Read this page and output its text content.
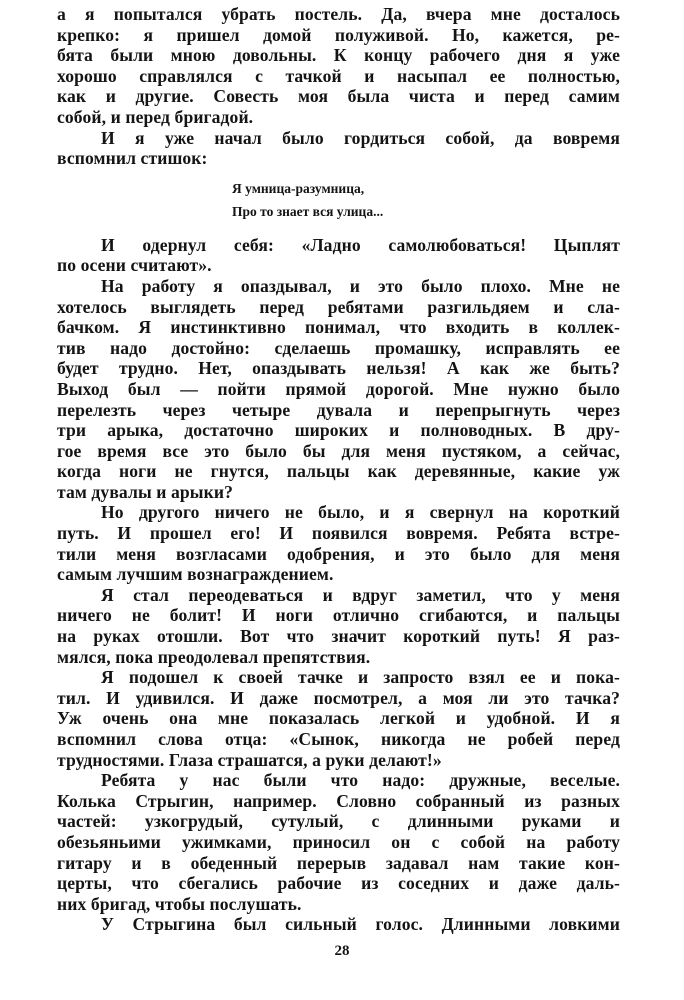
а я попытался убрать постель. Да, вчера мне досталось
крепко: я пришел домой полуживой. Но, кажется, ре-
бята были мною довольны. К концу рабочего дня я уже
хорошо справлялся с тачкой и насыпал ее полностью,
как и другие. Совесть моя была чиста и перед самим
собой, и перед бригадой.
И я уже начал было гордиться собой, да вовремя
вспомнил стишок:
Я умница-разумница,
Про то знает вся улица...
И одернул себя: «Ладно самолюбоваться! Цыплят
по осени считают».
На работу я опаздывал, и это было плохо. Мне не
хотелось выглядеть перед ребятами разгильдяем и сла-
бачком. Я инстинктивно понимал, что входить в коллек-
тив надо достойно: сделаешь промашку, исправлять ее
будет трудно. Нет, опаздывать нельзя! А как же быть?
Выход был — пойти прямой дорогой. Мне нужно было
перелезть через четыре дувала и перепрыгнуть через
три арыка, достаточно широких и полноводных. В дру-
гое время все это было бы для меня пустяком, а сейчас,
когда ноги не гнутся, пальцы как деревянные, какие уж
там дувалы и арыки?
Но другого ничего не было, и я свернул на короткий
путь. И прошел его! И появился вовремя. Ребята встре-
тили меня возгласами одобрения, и это было для меня
самым лучшим вознаграждением.
Я стал переодеваться и вдруг заметил, что у меня
ничего не болит! И ноги отлично сгибаются, и пальцы
на руках отошли. Вот что значит короткий путь! Я раз-
мялся, пока преодолевал препятствия.
Я подошел к своей тачке и запросто взял ее и пока-
тил. И удивился. И даже посмотрел, а моя ли это тачка?
Уж очень она мне показалась легкой и удобной. И я
вспомнил слова отца: «Сынок, никогда не робей перед
трудностями. Глаза страшатся, а руки делают!»
Ребята у нас были что надо: дружные, веселые.
Колька Стрыгин, например. Словно собранный из разных
частей: узкогрудый, сутулый, с длинными руками и
обезьяньими ужимками, приносил он с собой на работу
гитару и в обеденный перерыв задавал нам такие кон-
церты, что сбегались рабочие из соседних и даже даль-
них бригад, чтобы послушать.
У Стрыгина был сильный голос. Длинными ловкими
28
